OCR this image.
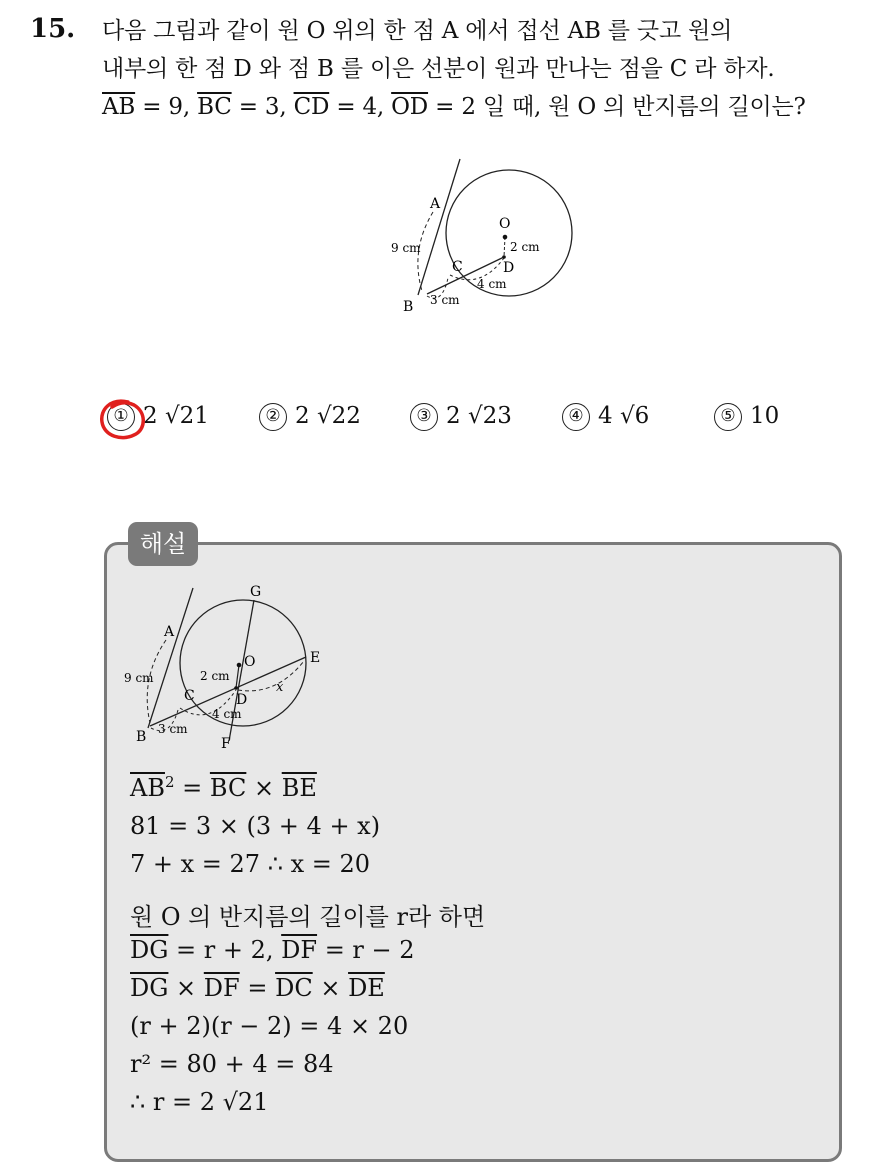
15. 다음 그림과 같이 원 O 위의 한 점 A 에서 접선 AB 를 긋고 원의
내부의 한 점 D 와 점 B 를 이은 선분이 원과 만나는 점을 C 라 하자.
$\overline{AB} = 9$, $\overline{BC} = 3$, $\overline{CD} = 4$, $\overline{OD} = 2$ 일 때, 원 O 의 반지름의 길이는?
A
O
C	D
B
9 cm	2 cm
4 cm
3 cm
① 2 √21	② 2 √22	③ 2 √23	④ 4 √6	⑤ 10
해설
G
A
O	E
C	D
B	F
9 cm	2 cm
4 cm
3 cm
x
$\overline{AB}^2 = \overline{BC} \times \overline{BE}$
81 = 3 × (3 + 4 + x)
7 + x = 27 ∴ x = 20
원 O 의 반지름의 길이를 r라 하면
$\overline{DG} = r + 2$, $\overline{DF} = r - 2$
$\overline{DG} \times \overline{DF} = \overline{DC} \times \overline{DE}$
(r + 2)(r − 2) = 4 × 20
r² = 80 + 4 = 84
∴ r = 2 √21
